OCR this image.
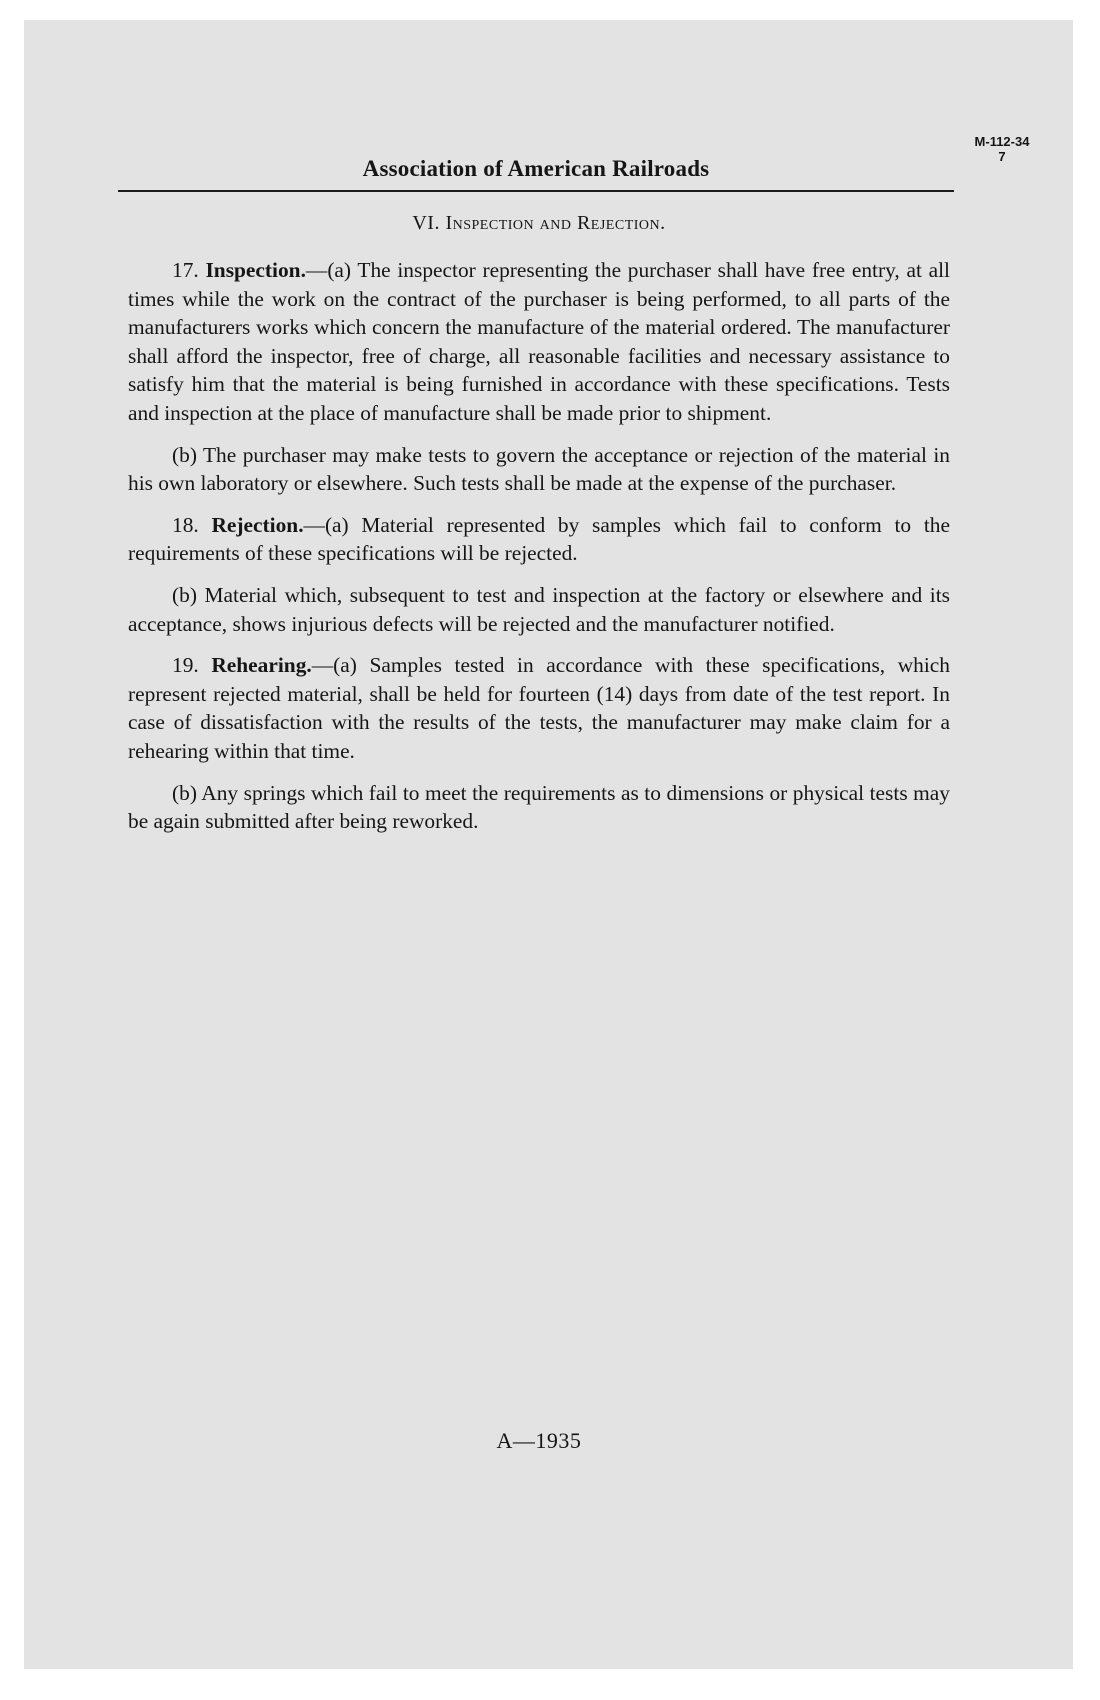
Association of American Railroads
M-112-34
7
VI. Inspection and Rejection.

17. Inspection.—(a) The inspector representing the purchaser shall have free entry, at all times while the work on the contract of the purchaser is being performed, to all parts of the manufacturers works which concern the manufacture of the material ordered. The manufacturer shall afford the inspector, free of charge, all reasonable facilities and necessary assistance to satisfy him that the material is being furnished in accordance with these specifications. Tests and inspection at the place of manufacture shall be made prior to shipment.

(b) The purchaser may make tests to govern the acceptance or rejection of the material in his own laboratory or elsewhere. Such tests shall be made at the expense of the purchaser.

18. Rejection.—(a) Material represented by samples which fail to conform to the requirements of these specifications will be rejected.

(b) Material which, subsequent to test and inspection at the factory or elsewhere and its acceptance, shows injurious defects will be rejected and the manufacturer notified.

19. Rehearing.—(a) Samples tested in accordance with these specifications, which represent rejected material, shall be held for fourteen (14) days from date of the test report. In case of dissatisfaction with the results of the tests, the manufacturer may make claim for a rehearing within that time.

(b) Any springs which fail to meet the requirements as to dimensions or physical tests may be again submitted after being reworked.

A—1935
